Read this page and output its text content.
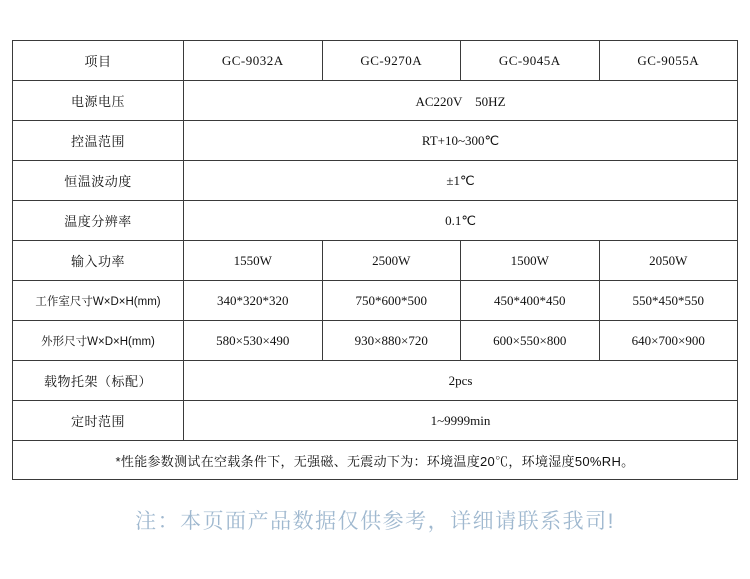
项目	GC-9032A	GC-9270A	GC-9045A	GC-9055A
电源电压	AC220V　50HZ			
控温范围	RT+10~300℃			
恒温波动度	±1℃			
温度分辨率	0.1℃			
输入功率	1550W	2500W	1500W	2050W
工作室尺寸W×D×H(mm)	340*320*320	750*600*500	450*400*450	550*450*550
外形尺寸W×D×H(mm)	580×530×490	930×880×720	600×550×800	640×700×900
载物托架（标配）	2pcs			
定时范围	1~9999min			
*性能参数测试在空载条件下，无强磁、无震动下为：环境温度20℃，环境湿度50%RH。				
注：本页面产品数据仅供参考，详细请联系我司!
